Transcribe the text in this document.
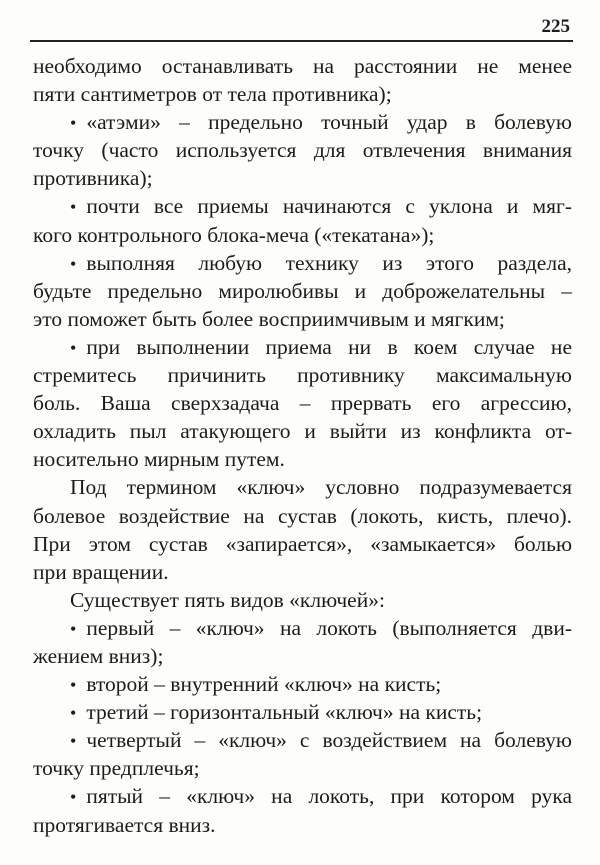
225
необходимо останавливать на расстоянии не менее
пяти сантиметров от тела противника);
• «атэми» – предельно точный удар в болевую
точку (часто используется для отвлечения внимания
противника);
• почти все приемы начинаются с уклона и мяг-
кого контрольного блока-меча («текатана»);
• выполняя любую технику из этого раздела,
будьте предельно миролюбивы и доброжелательны –
это поможет быть более восприимчивым и мягким;
• при выполнении приема ни в коем случае не
стремитесь причинить противнику максимальную
боль. Ваша сверхзадача – прервать его агрессию,
охладить пыл атакующего и выйти из конфликта от-
носительно мирным путем.
Под термином «ключ» условно подразумевается
болевое воздействие на сустав (локоть, кисть, плечо).
При этом сустав «запирается», «замыкается» болью
при вращении.
Существует пять видов «ключей»:
• первый – «ключ» на локоть (выполняется дви-
жением вниз);
• второй – внутренний «ключ» на кисть;
• третий – горизонтальный «ключ» на кисть;
• четвертый – «ключ» с воздействием на болевую
точку предплечья;
• пятый – «ключ» на локоть, при котором рука
протягивается вниз.
